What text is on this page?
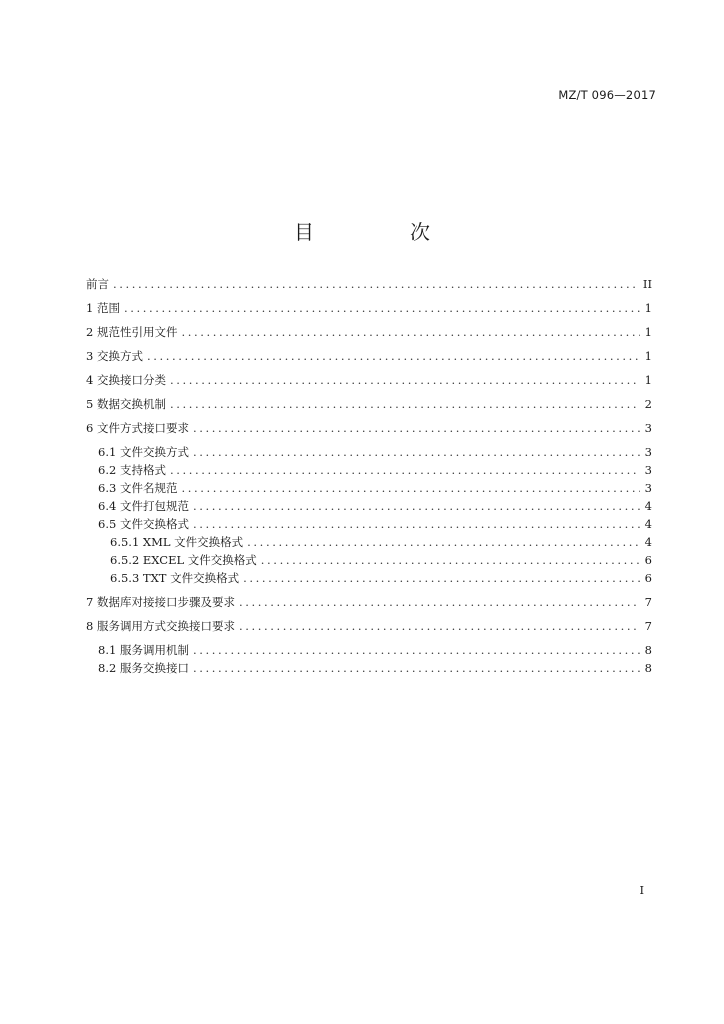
MZ/T 096—2017
目　次
前言 .....	II
1 范围 .....	1
2 规范性引用文件 .....	1
3 交换方式 .....	1
4 交换接口分类 .....	1
5 数据交换机制 .....	2
6 文件方式接口要求 .....	3
6.1 文件交换方式 .....	3
6.2 支持格式 .....	3
6.3 文件名规范 .....	3
6.4 文件打包规范 .....	4
6.5 文件交换格式 .....	4
6.5.1 XML 文件交换格式 .....	4
6.5.2 EXCEL 文件交换格式 .....	6
6.5.3 TXT 文件交换格式 .....	6
7 数据库对接接口步骤及要求 .....	7
8 服务调用方式交换接口要求 .....	7
8.1 服务调用机制 .....	8
8.2 服务交换接口 .....	8
I
